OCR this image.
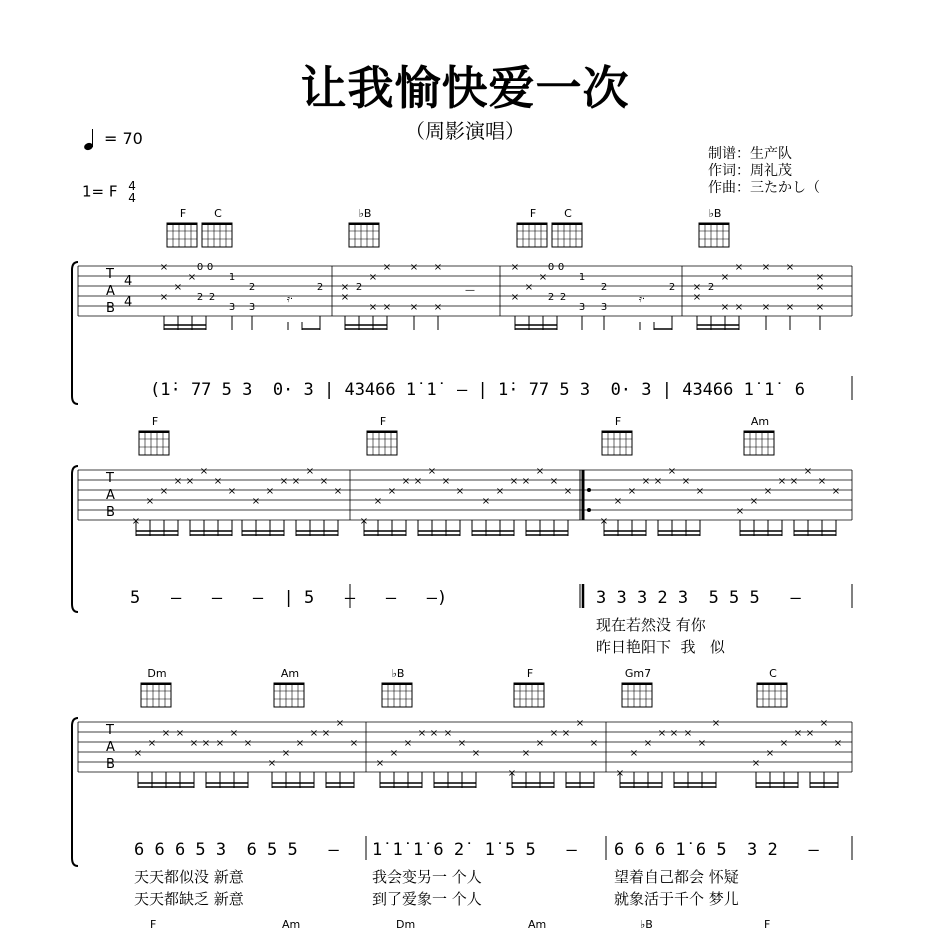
让我愉快爱一次
（周影演唱）
= 70
1= F 4
4
制谱：生产队
作词：周礼茂
作曲：三たかし（
F	C	♭B	F	C	♭B
×
×
×
×
0 0
2 2
1
2
3 3
𝄿·
2 × 2
×
×
× × ×
× × × ×
—
×
×
×
×
0 0
2 2
1
2
3 3
𝄿·
2 × 2
×
×
× × ×
× × × ×
×
×
×
T
A
B
4
4
T
A
B
T
A
B
×
×
×
× ×
×
×
×
×
×
× ×
×
×
×
×
×
×
× ×
×
×
×
×
×
× ×
×
×
×
×
×
×
× ×
×
×
×
×
×
×
× ×
×
×
×
×
×
× ×
× × ×
×
×
×
×
×
× ×
×
×
×
×
×
× × ×
×
×
×
×
×
× ×
×
×
×
×
×
× × ×
×
×
×
×
×
× ×
×
×
F	F	F	Am
Dm	Am	♭B	F	Gm7	C
(1̇· 77 5 3  0· 3 | 43466 1̇ 1̇  — | 1̇· 77 5 3  0· 3 | 43466 1̇ 1̇  6
5   —   —   —  | 5   —   —   —)	3 3 3 2 3  5 5 5   —
现在若然没 有你
昨日艳阳下  我   似
6 6 6 5 3  6 5 5   — 1̇ 1̇ 1̇ 6 2̇  1̇ 5 5   — 6 6 6 1̇ 6 5  3 2   —
天天都似没 新意
天天都缺乏 新意
我会变另一 个人
到了爱象一 个人
望着自己都会 怀疑
就象活于千个 梦儿
F	Am	Dm	Am	♭B	F
